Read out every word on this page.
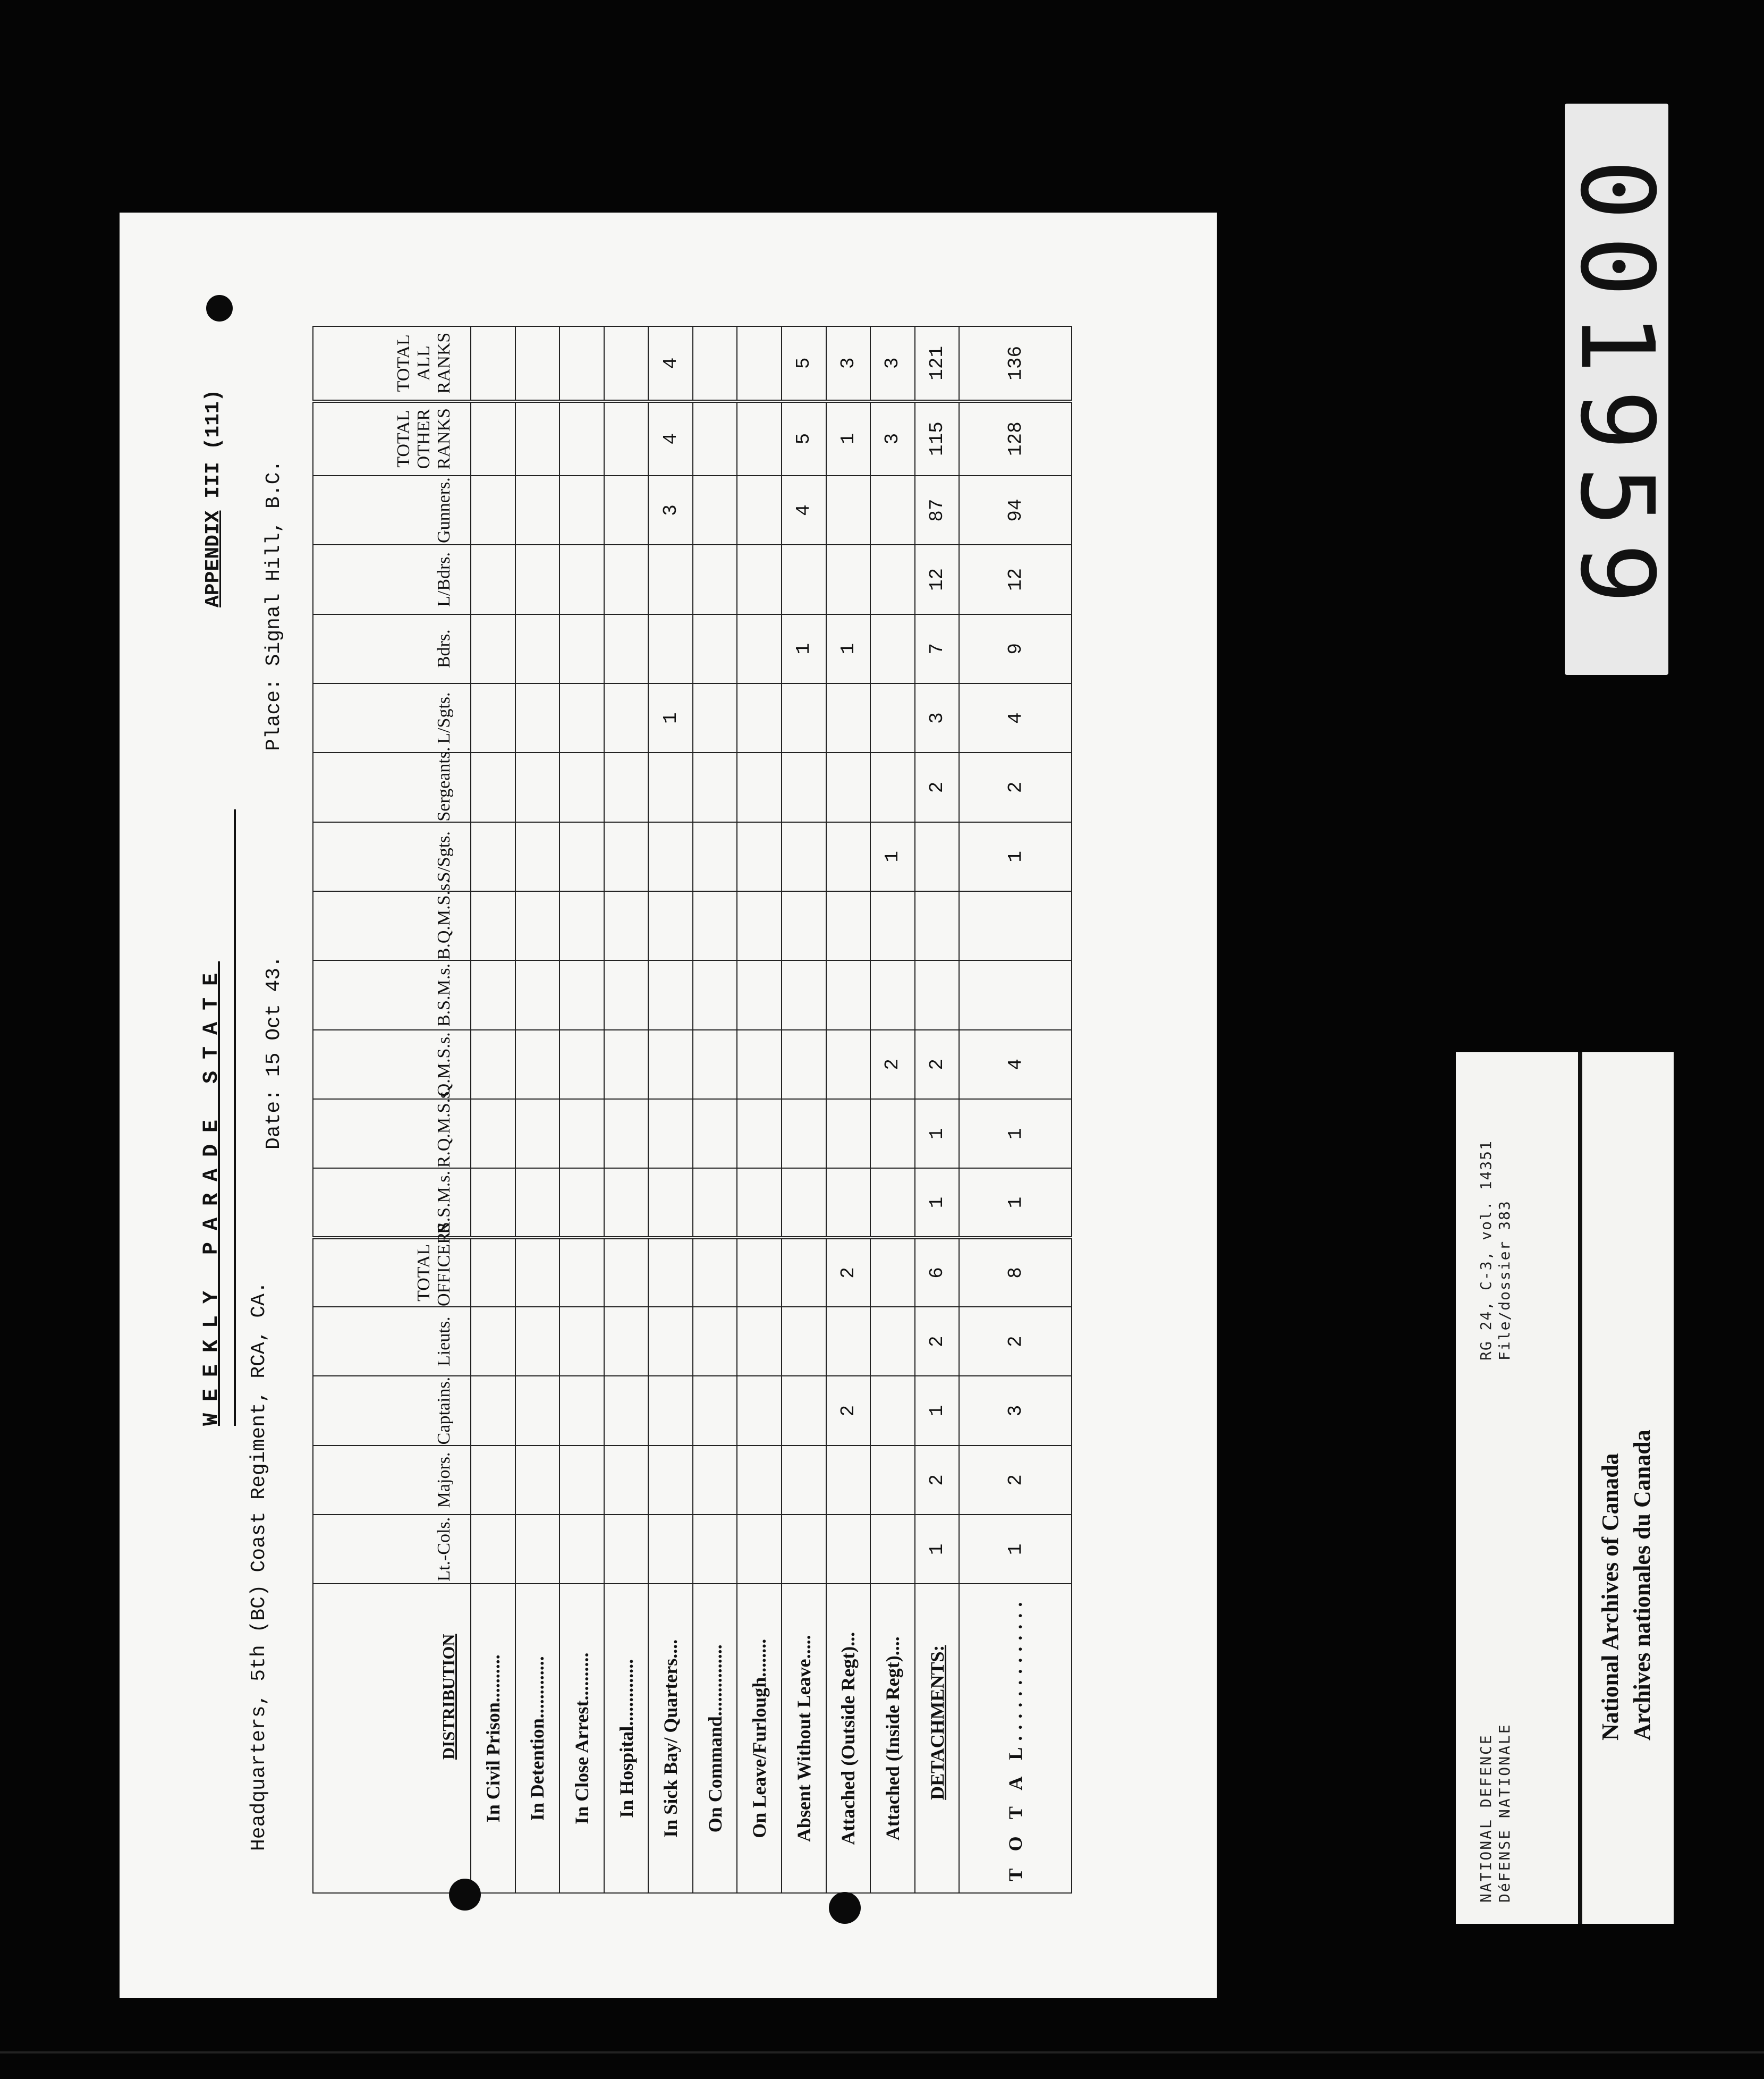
Headquarters, 5th (BC) Coast Regiment, RCA, CA.
WEEKLY PARADE STATE
APPENDIX III (111)
Date: 15 Oct 43.
Place: Signal Hill, B.C.
DISTRIBUTION	Lt.-Cols.	Majors.	Captains.	Lieuts.	TOTAL OFFICERS	R.S.M.s.	R.Q.M.S.s.	Q.M.S.s.	B.S.M.s.	B.Q.M.S.s.	S/Sgts.	Sergeants.	L/Sgts.	Bdrs.	L/Bdrs.	Gunners.	TOTAL OTHER RANKS	TOTAL ALL RANKS

In Civil Prison..........																		
In Detention.............																		
In Close Arrest..........																		
In Hospital..............																		
In Sick Bay/ Quarters....													1			3	4	4
On Command...............																		
On Leave/Furlough........																		
Absent Without Leave.....														1		4	5	5
Attached (Outside Regt)...			2		2									1			1	3
Attached (Inside Regt)....								2			1						3	3
DETACHMENTS:	1	2	1	2	6	1	1	2				2	3	7	12	87	115	121
T O T A L.............	1	2	3	2	8	1	1	4			1	2	4	9	12	94	128	136	001959
NATIONAL DEFENCE DéFENSE NATIONALE
RG 24, C-3, vol. 14351 File/dossier 383
National Archives of Canada Archives nationales du Canada
